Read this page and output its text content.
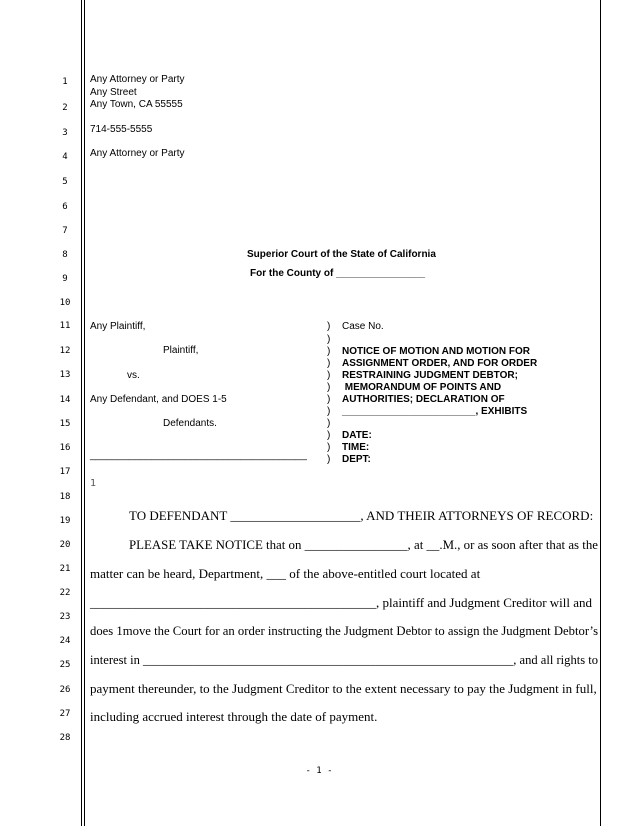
1
2
3
4
5
6
7
8
9
10
11
12
13
14
15
16
17
18
19
20
21
22
23
24
25
26
27
28
Any Attorney or Party
Any Street
Any Town, CA 55555
714-555-5555
Any Attorney or Party
Superior Court of the State of California
For the County of ________________
Any Plaintiff,
Plaintiff,
vs.
Any Defendant, and DOES 1-5
Defendants.
_______________________________________
)
)
)
)
)
)
)
)
)
)
)
)
Case No.
NOTICE OF MOTION AND MOTION FOR
ASSIGNMENT ORDER, AND FOR ORDER
RESTRAINING JUDGMENT DEBTOR;
MEMORANDUM OF POINTS AND
AUTHORITIES; DECLARATION OF
________________________, EXHIBITS
DATE:
TIME:
DEPT:
1
TO DEFENDANT ____________________, AND THEIR ATTORNEYS OF RECORD:
PLEASE TAKE NOTICE that on ________________, at __.M., or as soon after that as the
matter can be heard, Department, ___ of the above-entitled court located at
____________________________________________, plaintiff and Judgment Creditor will and
does 1move the Court for an order instructing the Judgment Debtor to assign the Judgment Debtor’s
interest in ___________________________________________________________, and all rights to
payment thereunder, to the Judgment Creditor to the extent necessary to pay the Judgment in full,
including accrued interest through the date of payment.
- 1 -
